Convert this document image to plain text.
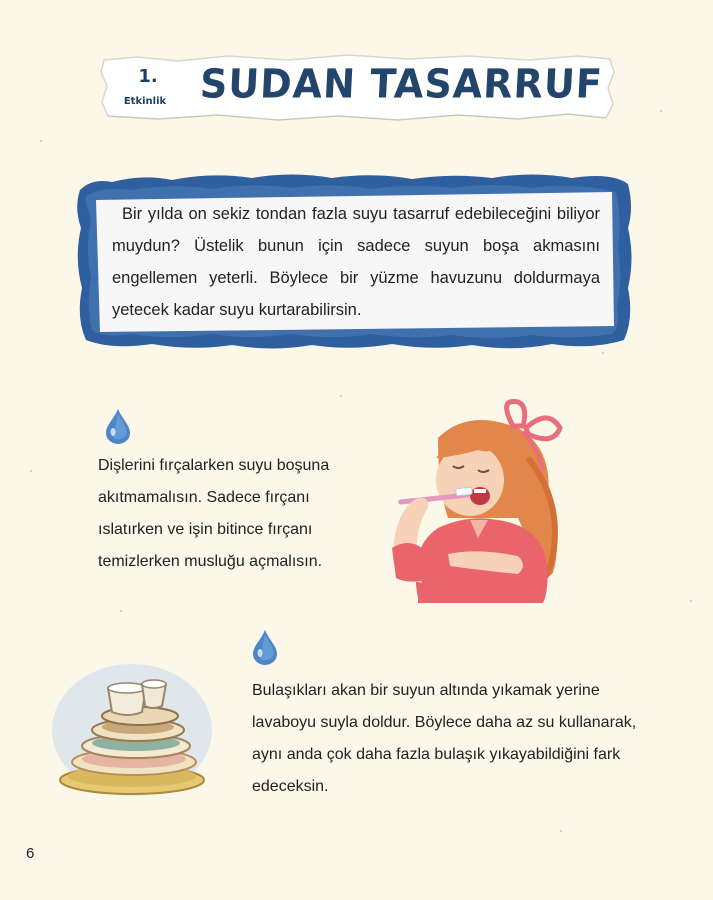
1.
Etkinlik SUDAN TASARRUF
Bir yılda on sekiz tondan fazla suyu tasarruf edebileceğini biliyor muydun? Üstelik bunun için sadece suyun boşa akmasını engellemen yeterli. Böylece bir yüzme havuzunu doldurmaya yetecek kadar suyu kurtarabilirsin.
Dişlerini fırçalarken suyu boşuna akıtmamalısın. Sadece fırçanı ıslatırken ve işin bitince fırçanı temizlerken musluğu açmalısın.
Bulaşıkları akan bir suyun altında yıkamak yerine lavaboyu suyla doldur. Böylece daha az su kullanarak, aynı anda çok daha fazla bulaşık yıkayabildiğini fark edeceksin.
6
